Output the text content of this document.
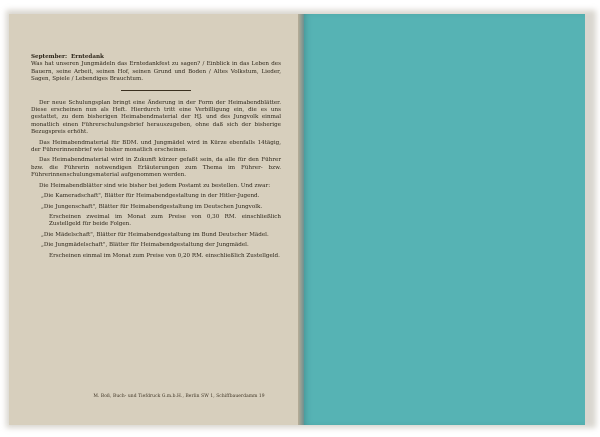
September: Erntedank
Was hat unseren Jungmädeln das Erntedankfest zu sagen? / Einblick in das Leben des Bauern, seine Arbeit, seinen Hof, seinen Grund und Boden / Altes Volkstum, Lieder, Sagen, Spiele / Lebendiges Brauchtum.

Der neue Schulungsplan bringt eine Änderung in der Form der Heimabendblätter. Diese erscheinen nun als Heft. Hierdurch tritt eine Verbilligung ein, die es uns gestattet, zu dem bisherigen Heimabendmaterial der HJ. und des Jungvolk einmal monatlich einen Führerschulungsbrief herauszugeben, ohne daß sich der bisherige Bezugspreis erhöht.

Das Heimabendmaterial für BDM. und Jungmädel wird in Kürze ebenfalls 14tägig, der Führerinnenbrief wie bisher monatlich erscheinen.

Das Heimabendmaterial wird in Zukunft kürzer gefaßt sein, da alle für den Führer bzw. die Führerin notwendigen Erläuterungen zum Thema im Führer- bzw. Führerinnenschulungsmaterial aufgenommen werden.

Die Heimabendblätter sind wie bisher bei jedem Postamt zu bestellen. Und zwar:

„Die Kameradschaft", Blätter für Heimabendgestaltung in der Hitler-Jugend.

„Die Jungenschaft", Blätter für Heimabendgestaltung im Deutschen Jungvolk.

Erscheinen zweimal im Monat zum Preise von 0,30 RM. einschließlich Zustellgeld für beide Folgen.

„Die Mädelschaft", Blätter für Heimabendgestaltung im Bund Deutscher Mädel.

„Die Jungmädelschaft", Blätter für Heimabendgestaltung der Jungmädel.

Erscheinen einmal im Monat zum Preise von 0,20 RM. einschließlich Zustellgeld.

M. Boß, Buch- und Tiefdruck G.m.b.H., Berlin SW 1, Schiffbauerdamm 19
